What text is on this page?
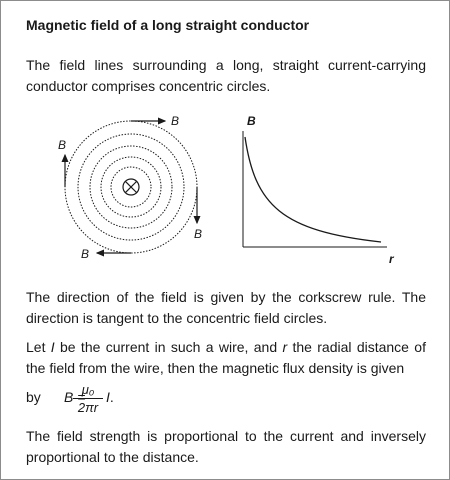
Magnetic field of a long straight conductor
The field lines surrounding a long, straight current-carrying conductor comprises concentric circles.
B
B
B
B
B
r
The direction of the field is given by the corkscrew rule. The direction is tangent to the concentric field circles.
Let I be the current in such a wire, and r the radial distance of the field from the wire, then the magnetic flux density is given
by B =
μ₀
2πr
I.
The field strength is proportional to the current and inversely proportional to the distance.
